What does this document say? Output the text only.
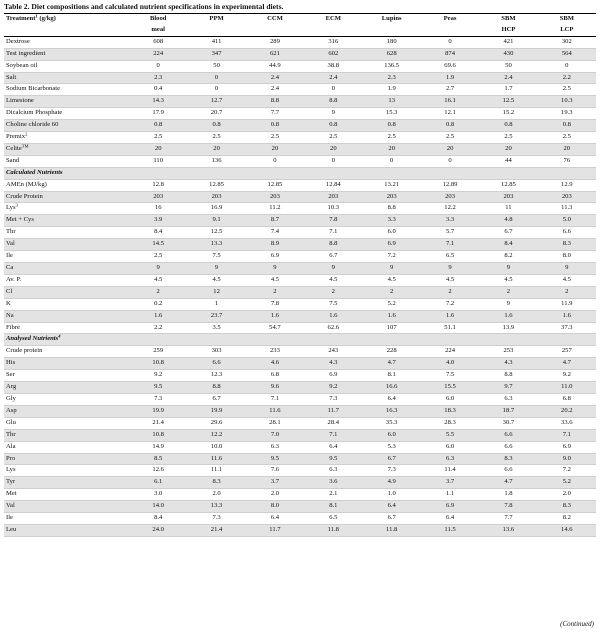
Table 2. Diet compositions and calculated nutrient specifications in experimental diets.
Treatment$^1$ (g/kg)	Blood	PPM	CCM	ECM	Lupins	Peas	SBM	SBM
	meal						HCP	LCP
Dextrose	608	411	289	316	180	0	421	302
Test ingredient	224	347	621	602	628	874	430	564
Soybean oil	0	50	44.9	38.8	136.5	69.6	50	0
Salt	2.3	0	2.4	2.4	2.3	1.9	2.4	2.2
Sodium Bicarbonate	0.4	0	2.4	0	1.9	2.7	1.7	2.5
Limestone	14.3	12.7	8.8	8.8	13	16.1	12.5	10.3
Dicalcium Phosphate	17.9	20.7	7.7	9	15.3	12.1	15.2	19.3
Choline chloride 60	0.8	0.8	0.8	0.8	0.8	0.8	0.8	0.8
Premix$^2$	2.5	2.5	2.5	2.5	2.5	2.5	2.5	2.5
Celite™	20	20	20	20	20	20	20	20
Sand	110	136	0	0	0	0	44	76
Calculated Nutrients								
AMEn (MJ/kg)	12.8	12.85	12.85	12.84	13.21	12.89	12.85	12.9
Crude Protein	203	203	203	203	203	203	203	203
Lys$^3$	16	16.9	11.2	10.3	8.8	12.2	11	11.3
Met + Cys	3.9	9.1	8.7	7.8	3.3	3.3	4.8	5.0
Thr	8.4	12.5	7.4	7.1	6.0	5.7	6.7	6.6
Val	14.5	13.3	8.9	8.8	6.9	7.1	8.4	8.3
Ile	2.5	7.5	6.9	6.7	7.2	6.5	8.2	8.0
Ca	9	9	9	9	9	9	9	9
Av. P.	4.5	4.5	4.5	4.5	4.5	4.5	4.5	4.5
Cl	2	12	2	2	2	2	2	2
K	0.2	1	7.8	7.5	5.2	7.2	9	11.9
Na	1.6	23.7	1.6	1.6	1.6	1.6	1.6	1.6
Fibre	2.2	3.5	54.7	62.6	107	51.1	13.9	37.3
Analysed Nutrients$^4$
Crude protein	259	303	233	243	228	224	253	257
His	10.8	6.6	4.6	4.3	4.7	4.0	4.3	4.7
Ser	9.2	12.3	6.8	6.9	8.1	7.5	8.8	9.2
Arg	9.5	8.8	9.6	9.2	16.6	15.5	9.7	11.0
Gly	7.3	6.7	7.1	7.3	6.4	6.0	6.3	6.8
Asp	19.9	19.9	11.6	11.7	16.3	18.3	18.7	20.2
Glu	21.4	29.6	28.1	28.4	35.3	28.3	30.7	33.6
Thr	10.8	12.2	7.0	7.1	6.0	5.5	6.6	7.1
Ala	14.9	10.0	6.3	6.4	5.3	6.0	6.6	6.9
Pro	8.5	11.6	9.5	9.5	6.7	6.3	8.3	9.0
Lys	12.6	11.1	7.6	6.3	7.3	11.4	6.6	7.2
Tyr	6.1	8.3	3.7	3.6	4.9	3.7	4.7	5.2
Met	3.0	2.0	2.0	2.1	1.0	1.1	1.8	2.0
Val	14.0	13.3	8.0	8.1	6.4	6.9	7.8	8.3
Ile	8.4	7.3	6.4	6.5	6.7	6.4	7.7	8.2
Leu	24.0	21.4	11.7	11.8	11.8	11.5	13.6	14.6
(Continued)
